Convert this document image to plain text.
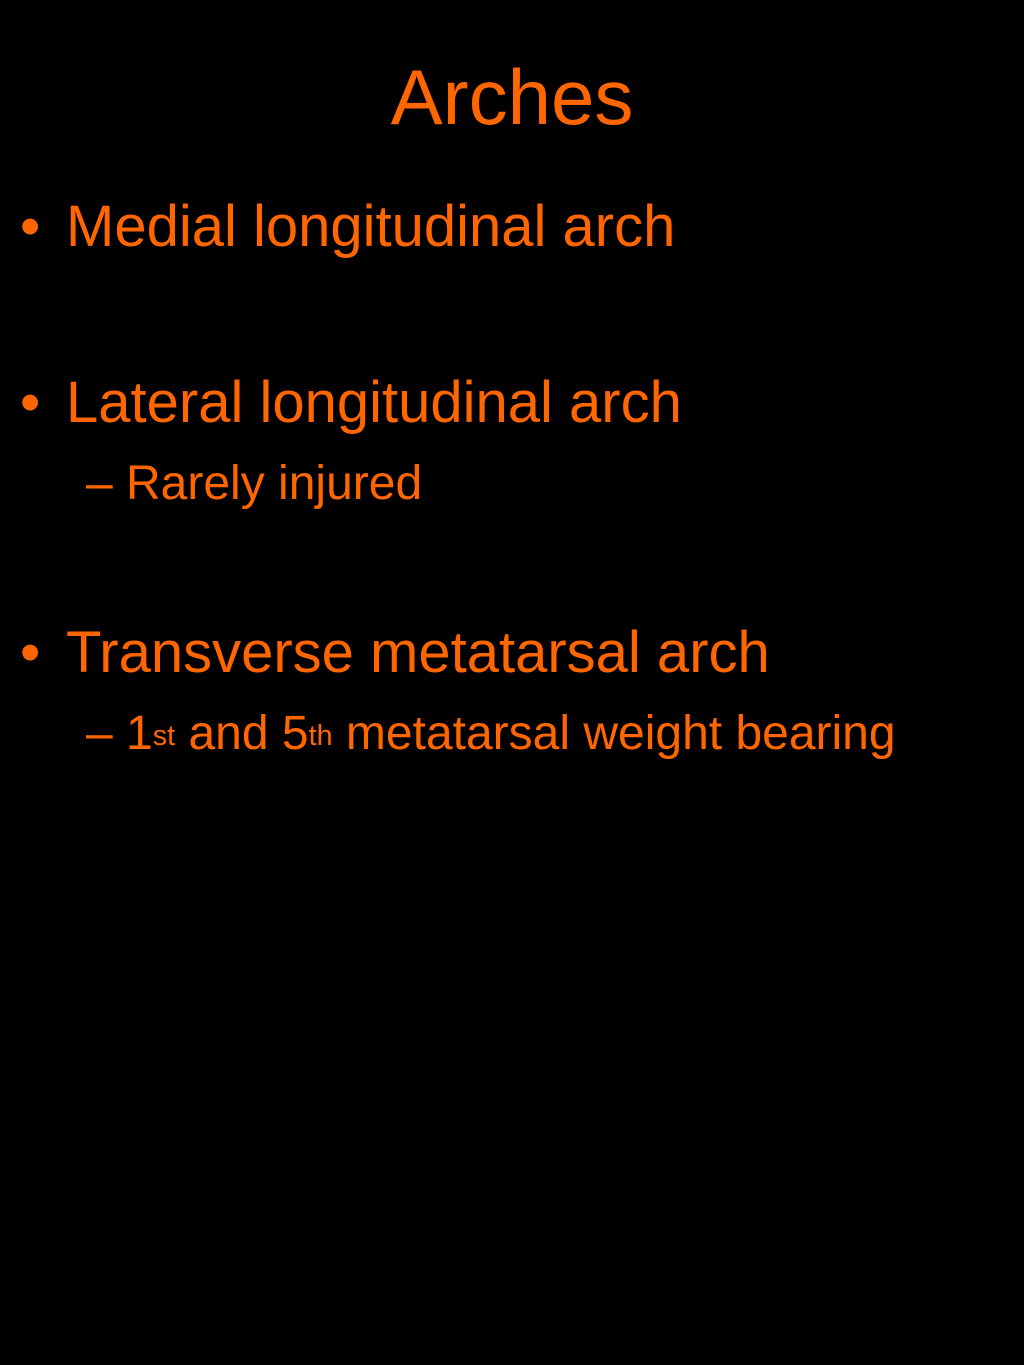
Arches
• Medial longitudinal arch
• Lateral longitudinal arch
– Rarely injured
• Transverse metatarsal arch
– 1st and 5th metatarsal weight bearing
